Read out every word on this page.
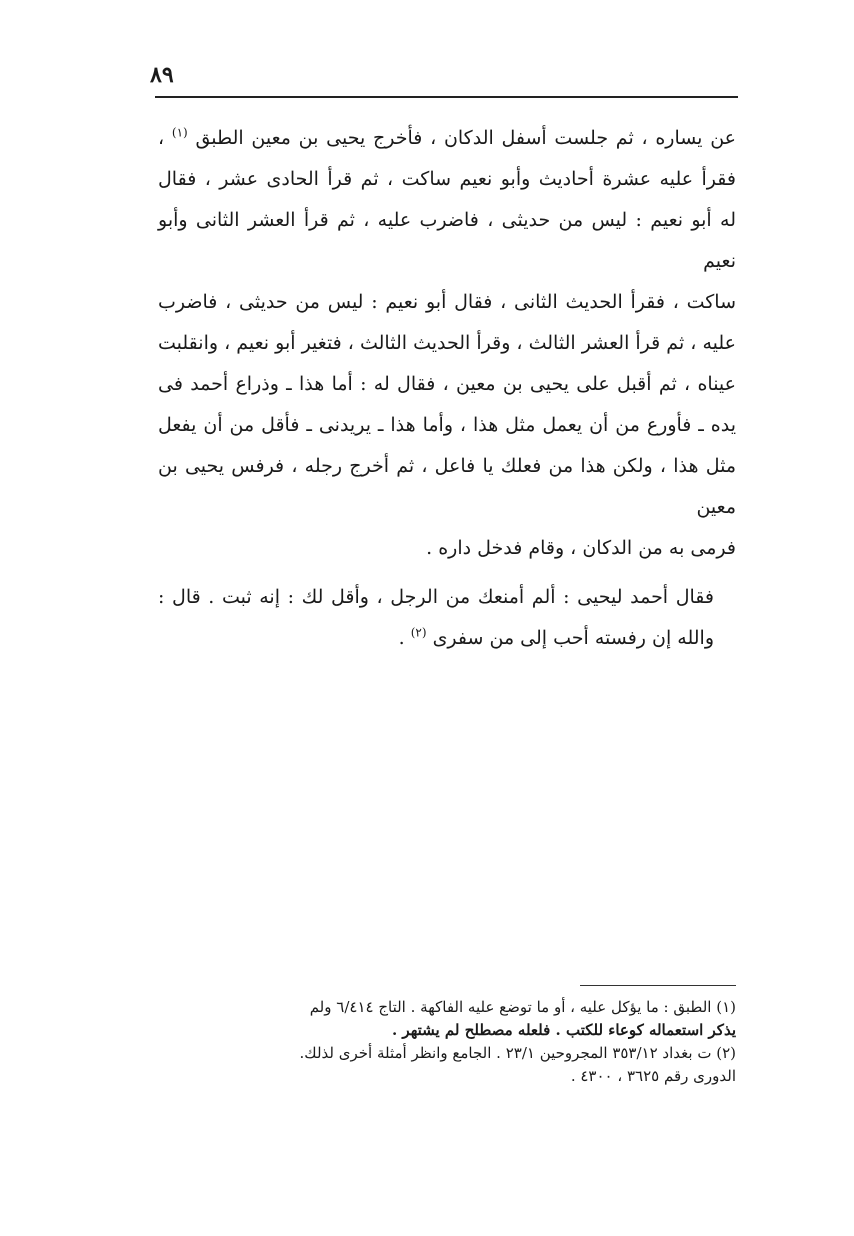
٨٩

عن يساره ، ثم جلست أسفل الدكان ، فأخرج يحيى بن معين الطبق $^{(١)}$ ،
فقرأ عليه عشرة أحاديث وأبو نعيم ساكت ، ثم قرأ الحادى عشر ، فقال
له أبو نعيم : ليس من حديثى ، فاضرب عليه ، ثم قرأ العشر الثانى وأبو نعيم
ساكت ، فقرأ الحديث الثانى ، فقال أبو نعيم : ليس من حديثى ، فاضرب
عليه ، ثم قرأ العشر الثالث ، وقرأ الحديث الثالث ، فتغير أبو نعيم ، وانقلبت
عيناه ، ثم أقبل على يحيى بن معين ، فقال له : أما هذا ـ وذراع أحمد فى
يده ـ فأورع من أن يعمل مثل هذا ، وأما هذا ـ يريدنى ـ فأقل من أن يفعل
مثل هذا ، ولكن هذا من فعلك يا فاعل ، ثم أخرج رجله ، فرفس يحيى بن معين
فرمى به من الدكان ، وقام فدخل داره .

فقال أحمد ليحيى : ألم أمنعك من الرجل ، وأقل لك : إنه ثبت . قال :
والله إن رفسته أحب إلى من سفرى $^{(٢)}$ .

(١) الطبق : ما يؤكل عليه ، أو ما توضع عليه الفاكهة . التاج ٦/٤١٤ ولم
يذكر استعماله كوعاء للكتب . فلعله مصطلح لم يشتهر .
(٢) ت بغداد ٣٥٣/١٢ المجروحين ٢٣/١ . الجامع وانظر أمثلة أخرى لذلك.
الدورى رقم ٣٦٢٥ ، ٤٣٠٠ .
